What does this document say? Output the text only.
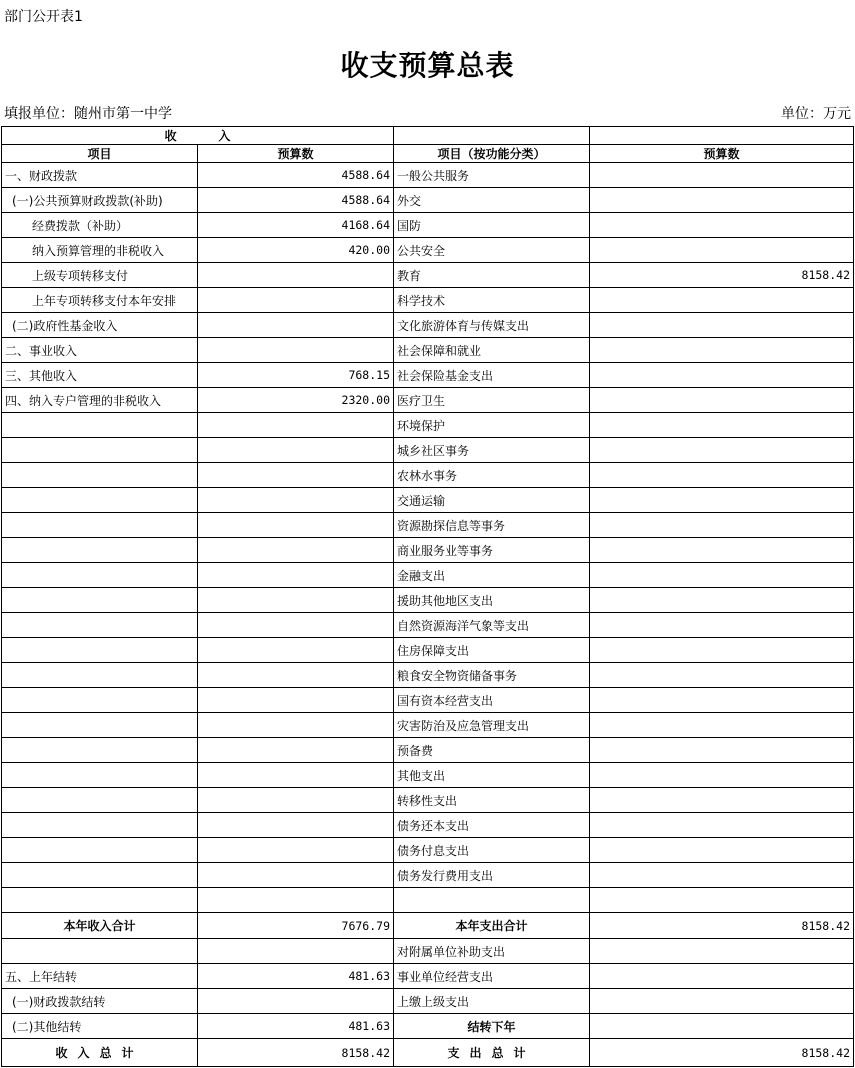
部门公开表1
收支预算总表
填报单位：随州市第一中学	单位：万元
收          入			
项目	预算数	项目（按功能分类）	预算数
一、财政拨款	4588.64	一般公共服务	
(一)公共预算财政拨款(补助)	4588.64	外交	
经费拨款（补助）	4168.64	国防	
纳入预算管理的非税收入	420.00	公共安全	
上级专项转移支付		教育	8158.42
上年专项转移支付本年安排		科学技术	
(二)政府性基金收入		文化旅游体育与传媒支出	
二、事业收入		社会保障和就业	
三、其他收入	768.15	社会保险基金支出	
四、纳入专户管理的非税收入	2320.00	医疗卫生	
		环境保护	
		城乡社区事务	
		农林水事务	
		交通运输	
		资源勘探信息等事务	
		商业服务业等事务	
		金融支出	
		援助其他地区支出	
		自然资源海洋气象等支出	
		住房保障支出	
		粮食安全物资储备事务	
		国有资本经营支出	
		灾害防治及应急管理支出	
		预备费	
		其他支出	
		转移性支出	
		债务还本支出	
		债务付息支出	
		债务发行费用支出	

本年收入合计	7676.79	本年支出合计	8158.42
		对附属单位补助支出	
五、上年结转	481.63	事业单位经营支出	
(一)财政拨款结转		上缴上级支出	
(二)其他结转	481.63	结转下年	
收入总计	8158.42	支出总计	8158.42
